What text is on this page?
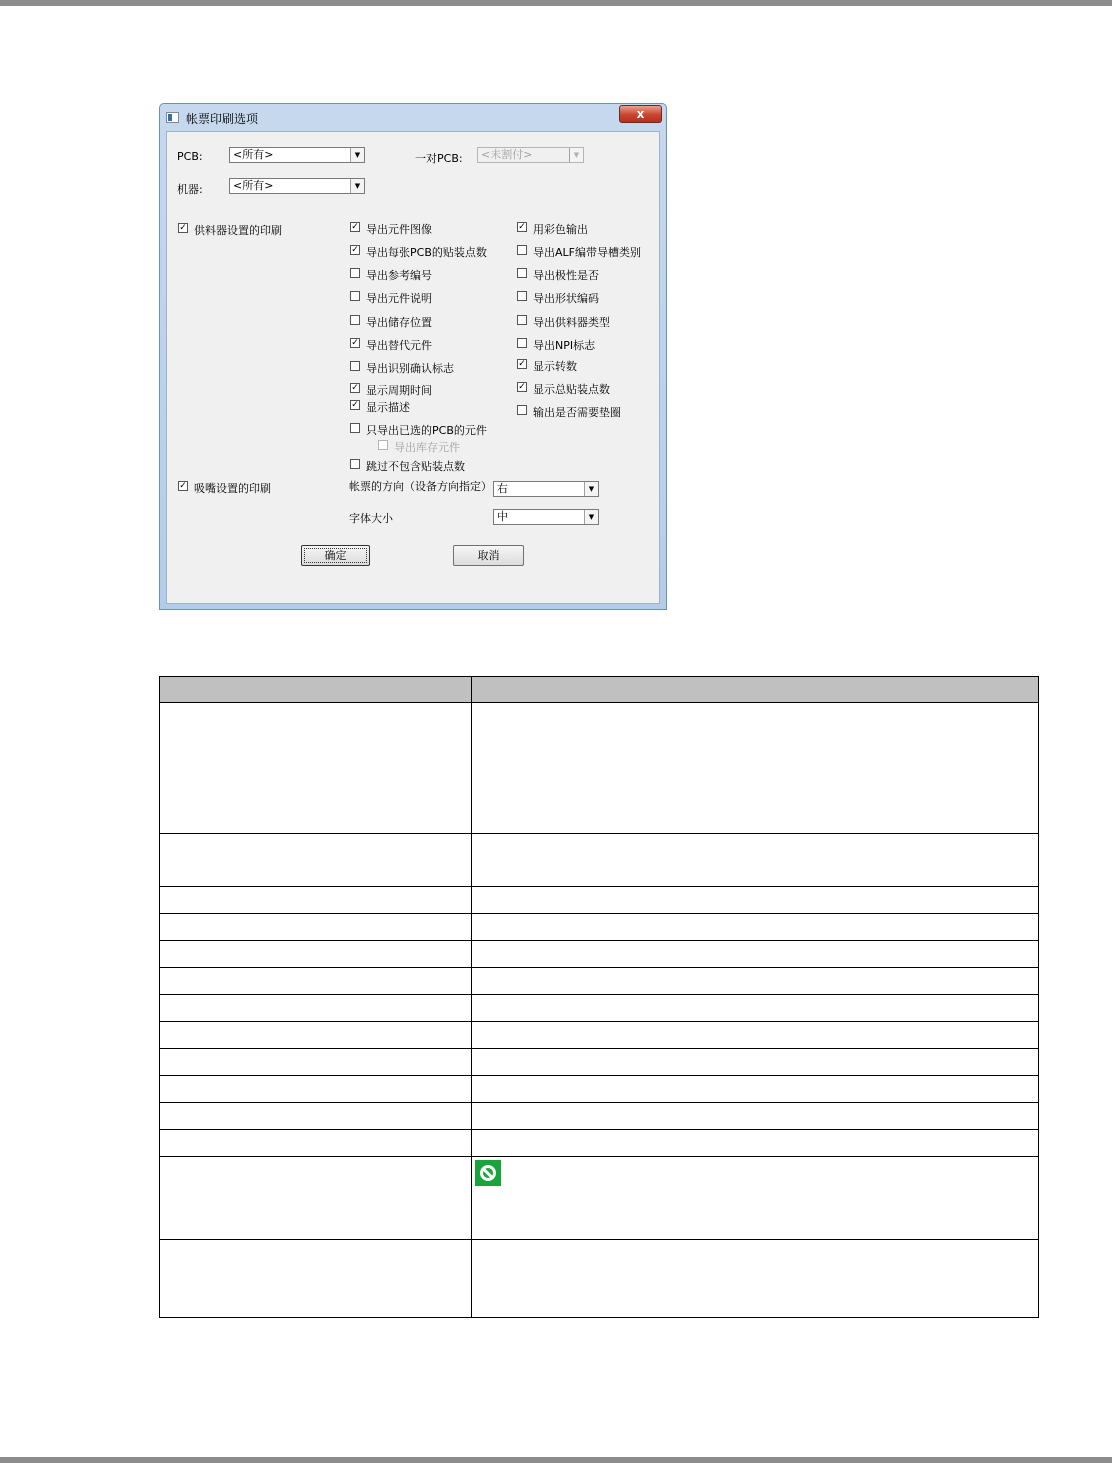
帐票印刷选项	x
PCB:	<所有>	▼	一对PCB:	<未割付>	▼
机器:	<所有>	▼
✓ 供料器设置的印刷
✓ 吸嘴设置的印刷
✓ 导出元件图像
✓ 导出每张PCB的贴装点数
导出参考编号
导出元件说明
导出储存位置
✓ 导出替代元件
导出识别确认标志
✓ 显示周期时间
✓ 显示描述
只导出已选的PCB的元件
导出库存元件
跳过不包含贴装点数
✓ 用彩色输出
导出ALF编带导槽类别
导出极性是否
导出形状编码
导出供料器类型
导出NPI标志
✓ 显示转数
✓ 显示总贴装点数
输出是否需要垫圈
帐票的方向（设备方向指定） 右	▼
字体大小	中	▼
确定	取消
